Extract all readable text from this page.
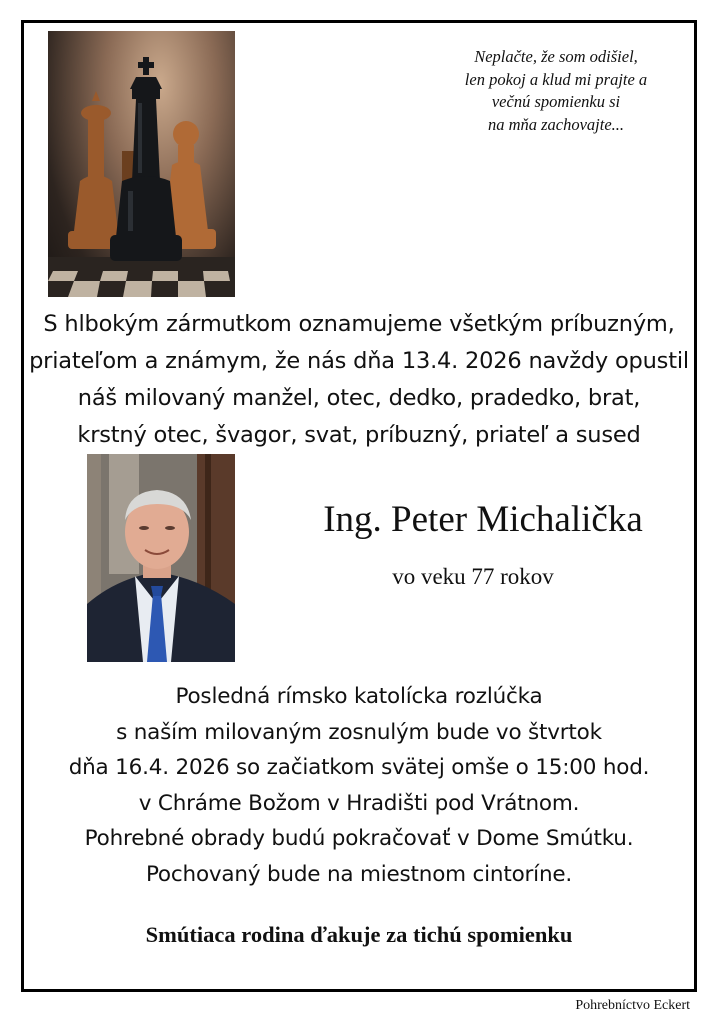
Neplačte, že som odišiel,
len pokoj a klud mi prajte a
večnú spomienku si
na mňa zachovajte...
S hlbokým zármutkom oznamujeme všetkým príbuzným,
priateľom a známym, že nás dňa 13.4. 2026 navždy opustil
náš milovaný manžel, otec, dedko, pradedko, brat,
krstný otec, švagor, svat, príbuzný, priateľ a sused
Ing. Peter Michalička
vo veku 77 rokov
Posledná rímsko katolícka rozlúčka
s naším milovaným zosnulým bude vo štvrtok
dňa 16.4. 2026 so začiatkom svätej omše o 15:00 hod.
v Chráme Božom v Hradišti pod Vrátnom.
Pohrebné obrady budú pokračovať v Dome Smútku.
Pochovaný bude na miestnom cintoríne.
Smútiaca rodina ďakuje za tichú spomienku
Pohrebníctvo Eckert
